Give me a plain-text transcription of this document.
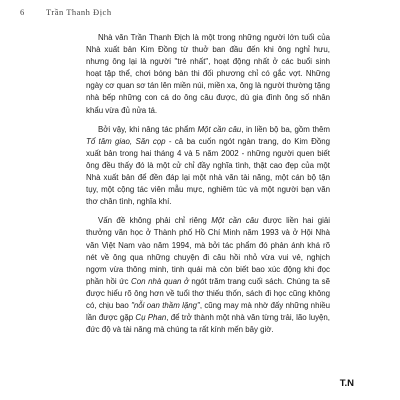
6	Trần Thanh Địch

Nhà văn Trần Thanh Địch là một trong những người lớn tuổi của Nhà xuất bản Kim Đồng từ thuở ban đầu đến khi ông nghỉ hưu, nhưng ông lại là người "trẻ nhất", hoạt động nhất ở các buổi sinh hoạt tập thể, chơi bóng bàn thi đối phương chỉ có gắc vợt. Những ngày cơ quan sơ tán lên miền núi, miền xa, ông là người thường tặng nhà bếp những con cá do ông câu được, dù gia đình ông số nhân khẩu vừa đủ nửa tá.

Bởi vậy, khi nâng tác phẩm Một cần câu, in liền bộ ba, gồm thêm Tổ tâm giao, Săn cọp - cả ba cuốn ngót ngàn trang, do Kim Đồng xuất bản trong hai tháng 4 và 5 năm 2002 - những người quen biết ông đều thấy đó là một cử chỉ đầy nghĩa tình, thật cao đẹp của một Nhà xuất bản để đền đáp lại một nhà văn tài năng, một cán bộ tận tụy, một cộng tác viên mẫu mực, nghiêm túc và một người bạn văn thơ chân tình, nghĩa khí.

Vấn đề không phải chỉ riêng Một cần câu được liền hai giải thưởng văn học ở Thành phố Hồ Chí Minh năm 1993 và ở Hội Nhà văn Việt Nam vào năm 1994, mà bởi tác phẩm đó phản ánh khá rõ nét về ông qua những chuyện đi câu hồi nhỏ vừa vui vẻ, nghịch ngợm vừa thông minh, tinh quái mà còn biết bao xúc động khi đọc phần hồi ức Con nhà quan ở ngót trăm trang cuối sách. Chúng ta sẽ được hiểu rõ ông hơn về tuổi thơ thiếu thốn, sách đi học cũng không có, chịu bao "nỗi oan thầm lặng", cũng may mà nhờ đấy những nhiều lần được gặp Cụ Phan, để trở thành một nhà văn từng trải, lão luyện, đức độ và tài năng mà chúng ta rất kính mến bây giờ.

T.N
